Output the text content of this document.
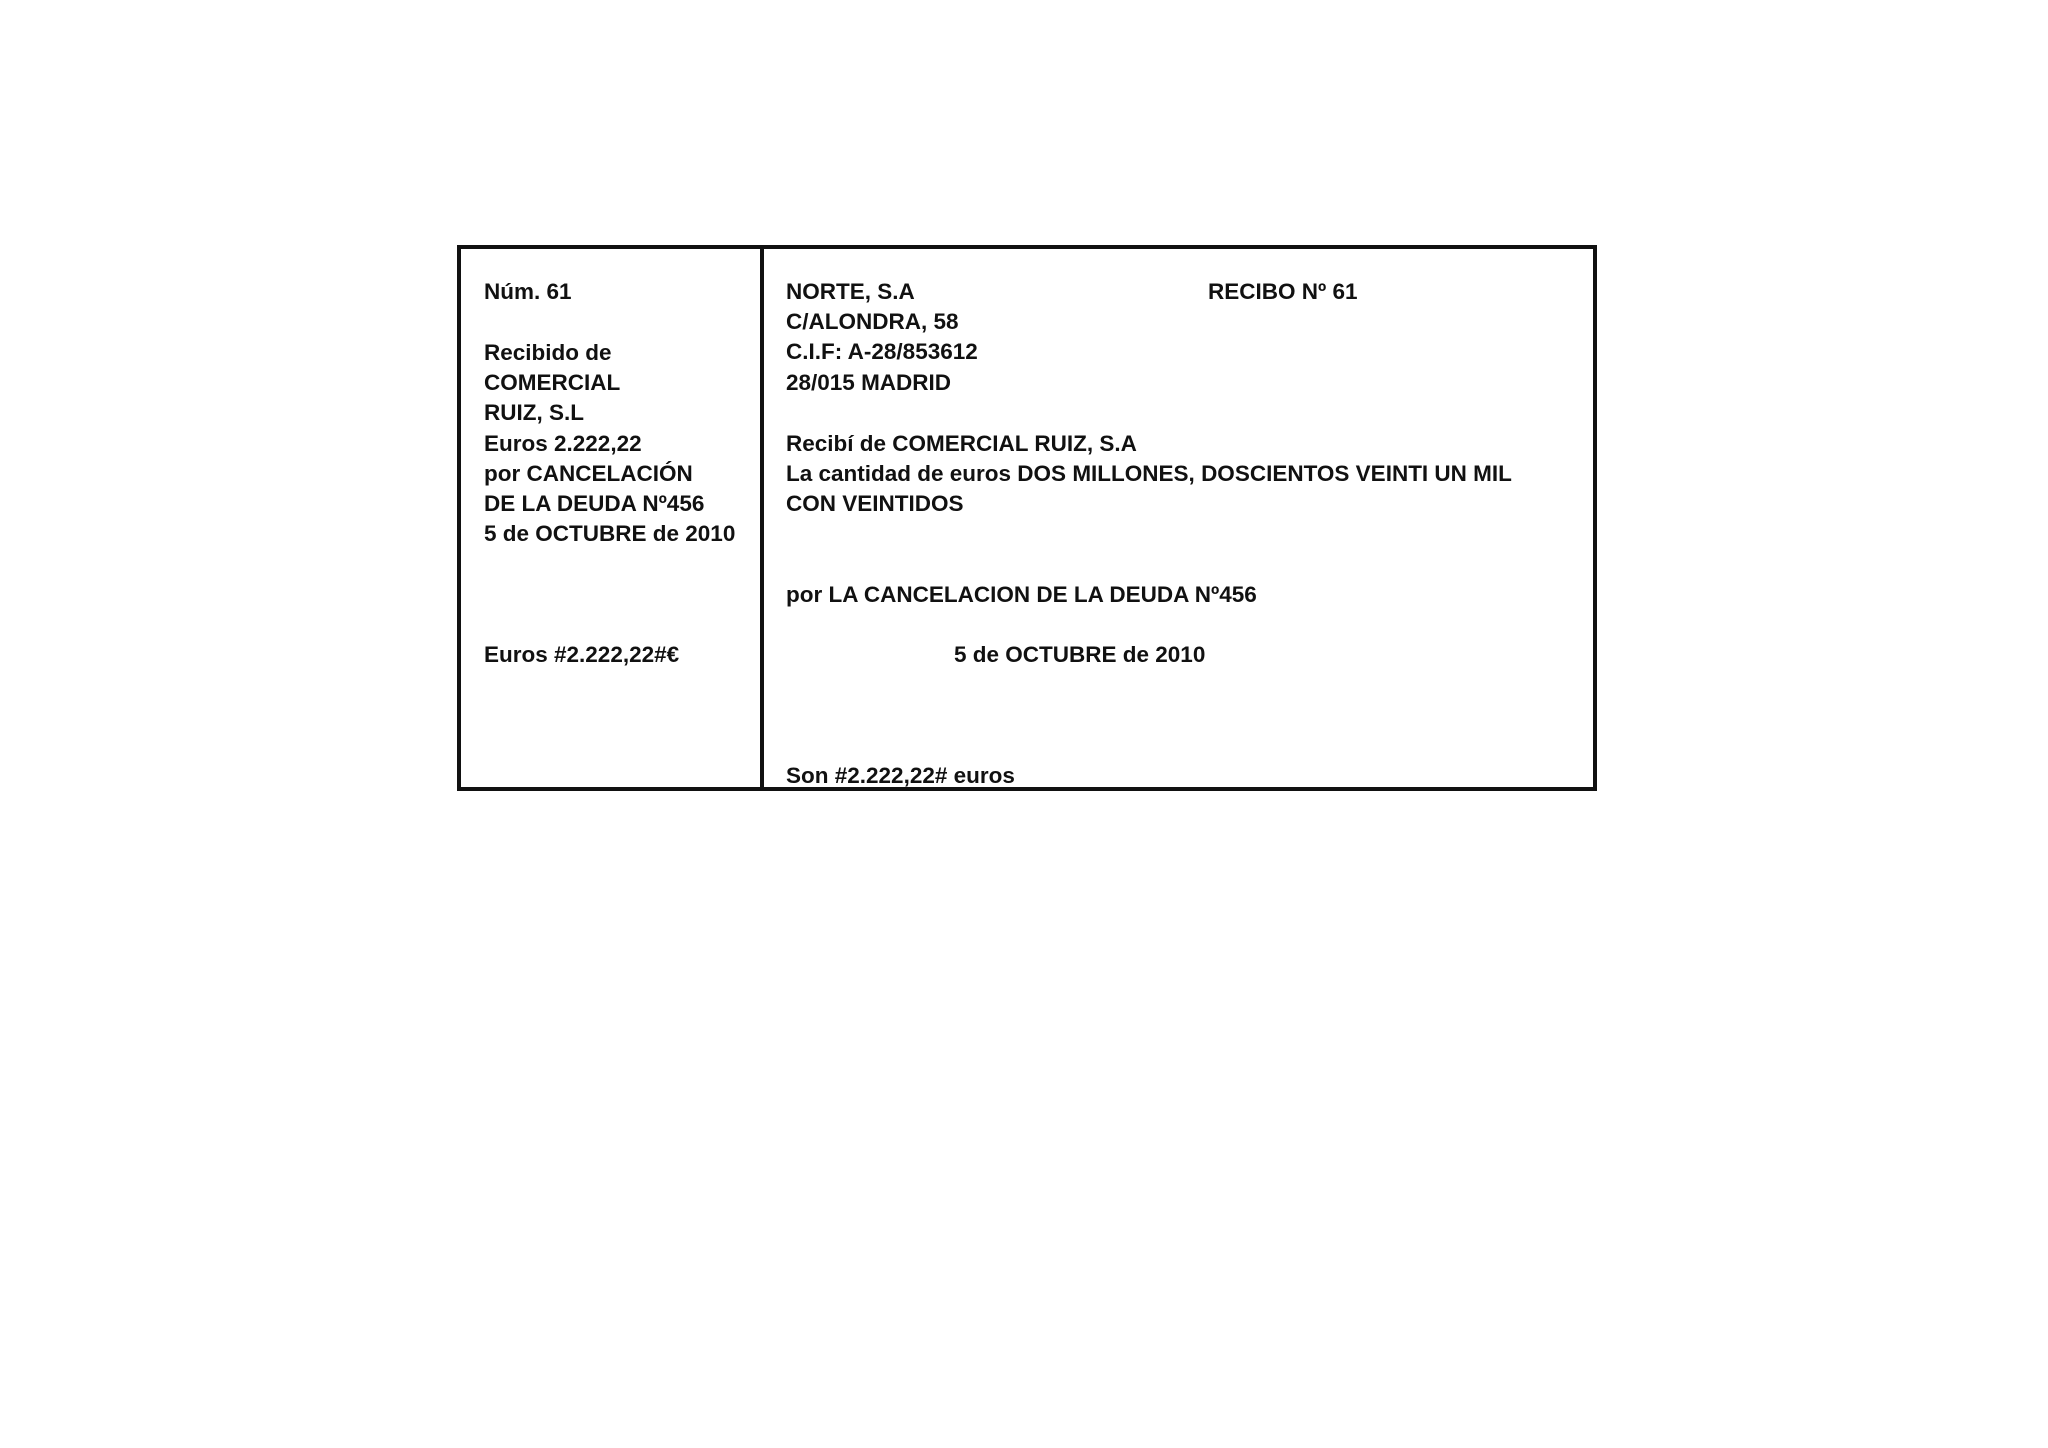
Núm. 61
Recibido de
COMERCIAL
RUIZ, S.L
Euros 2.222,22
por CANCELACIÓN
DE LA DEUDA Nº456
5 de OCTUBRE de 2010
Euros #2.222,22#€
NORTE, S.A
C/ALONDRA, 58
C.I.F: A-28/853612
28/015 MADRID
RECIBO Nº 61
Recibí de COMERCIAL RUIZ, S.A
La cantidad de euros DOS MILLONES, DOSCIENTOS VEINTI UN MIL
CON VEINTIDOS
por LA CANCELACION DE LA DEUDA Nº456
5 de OCTUBRE de 2010
Son #2.222,22# euros
